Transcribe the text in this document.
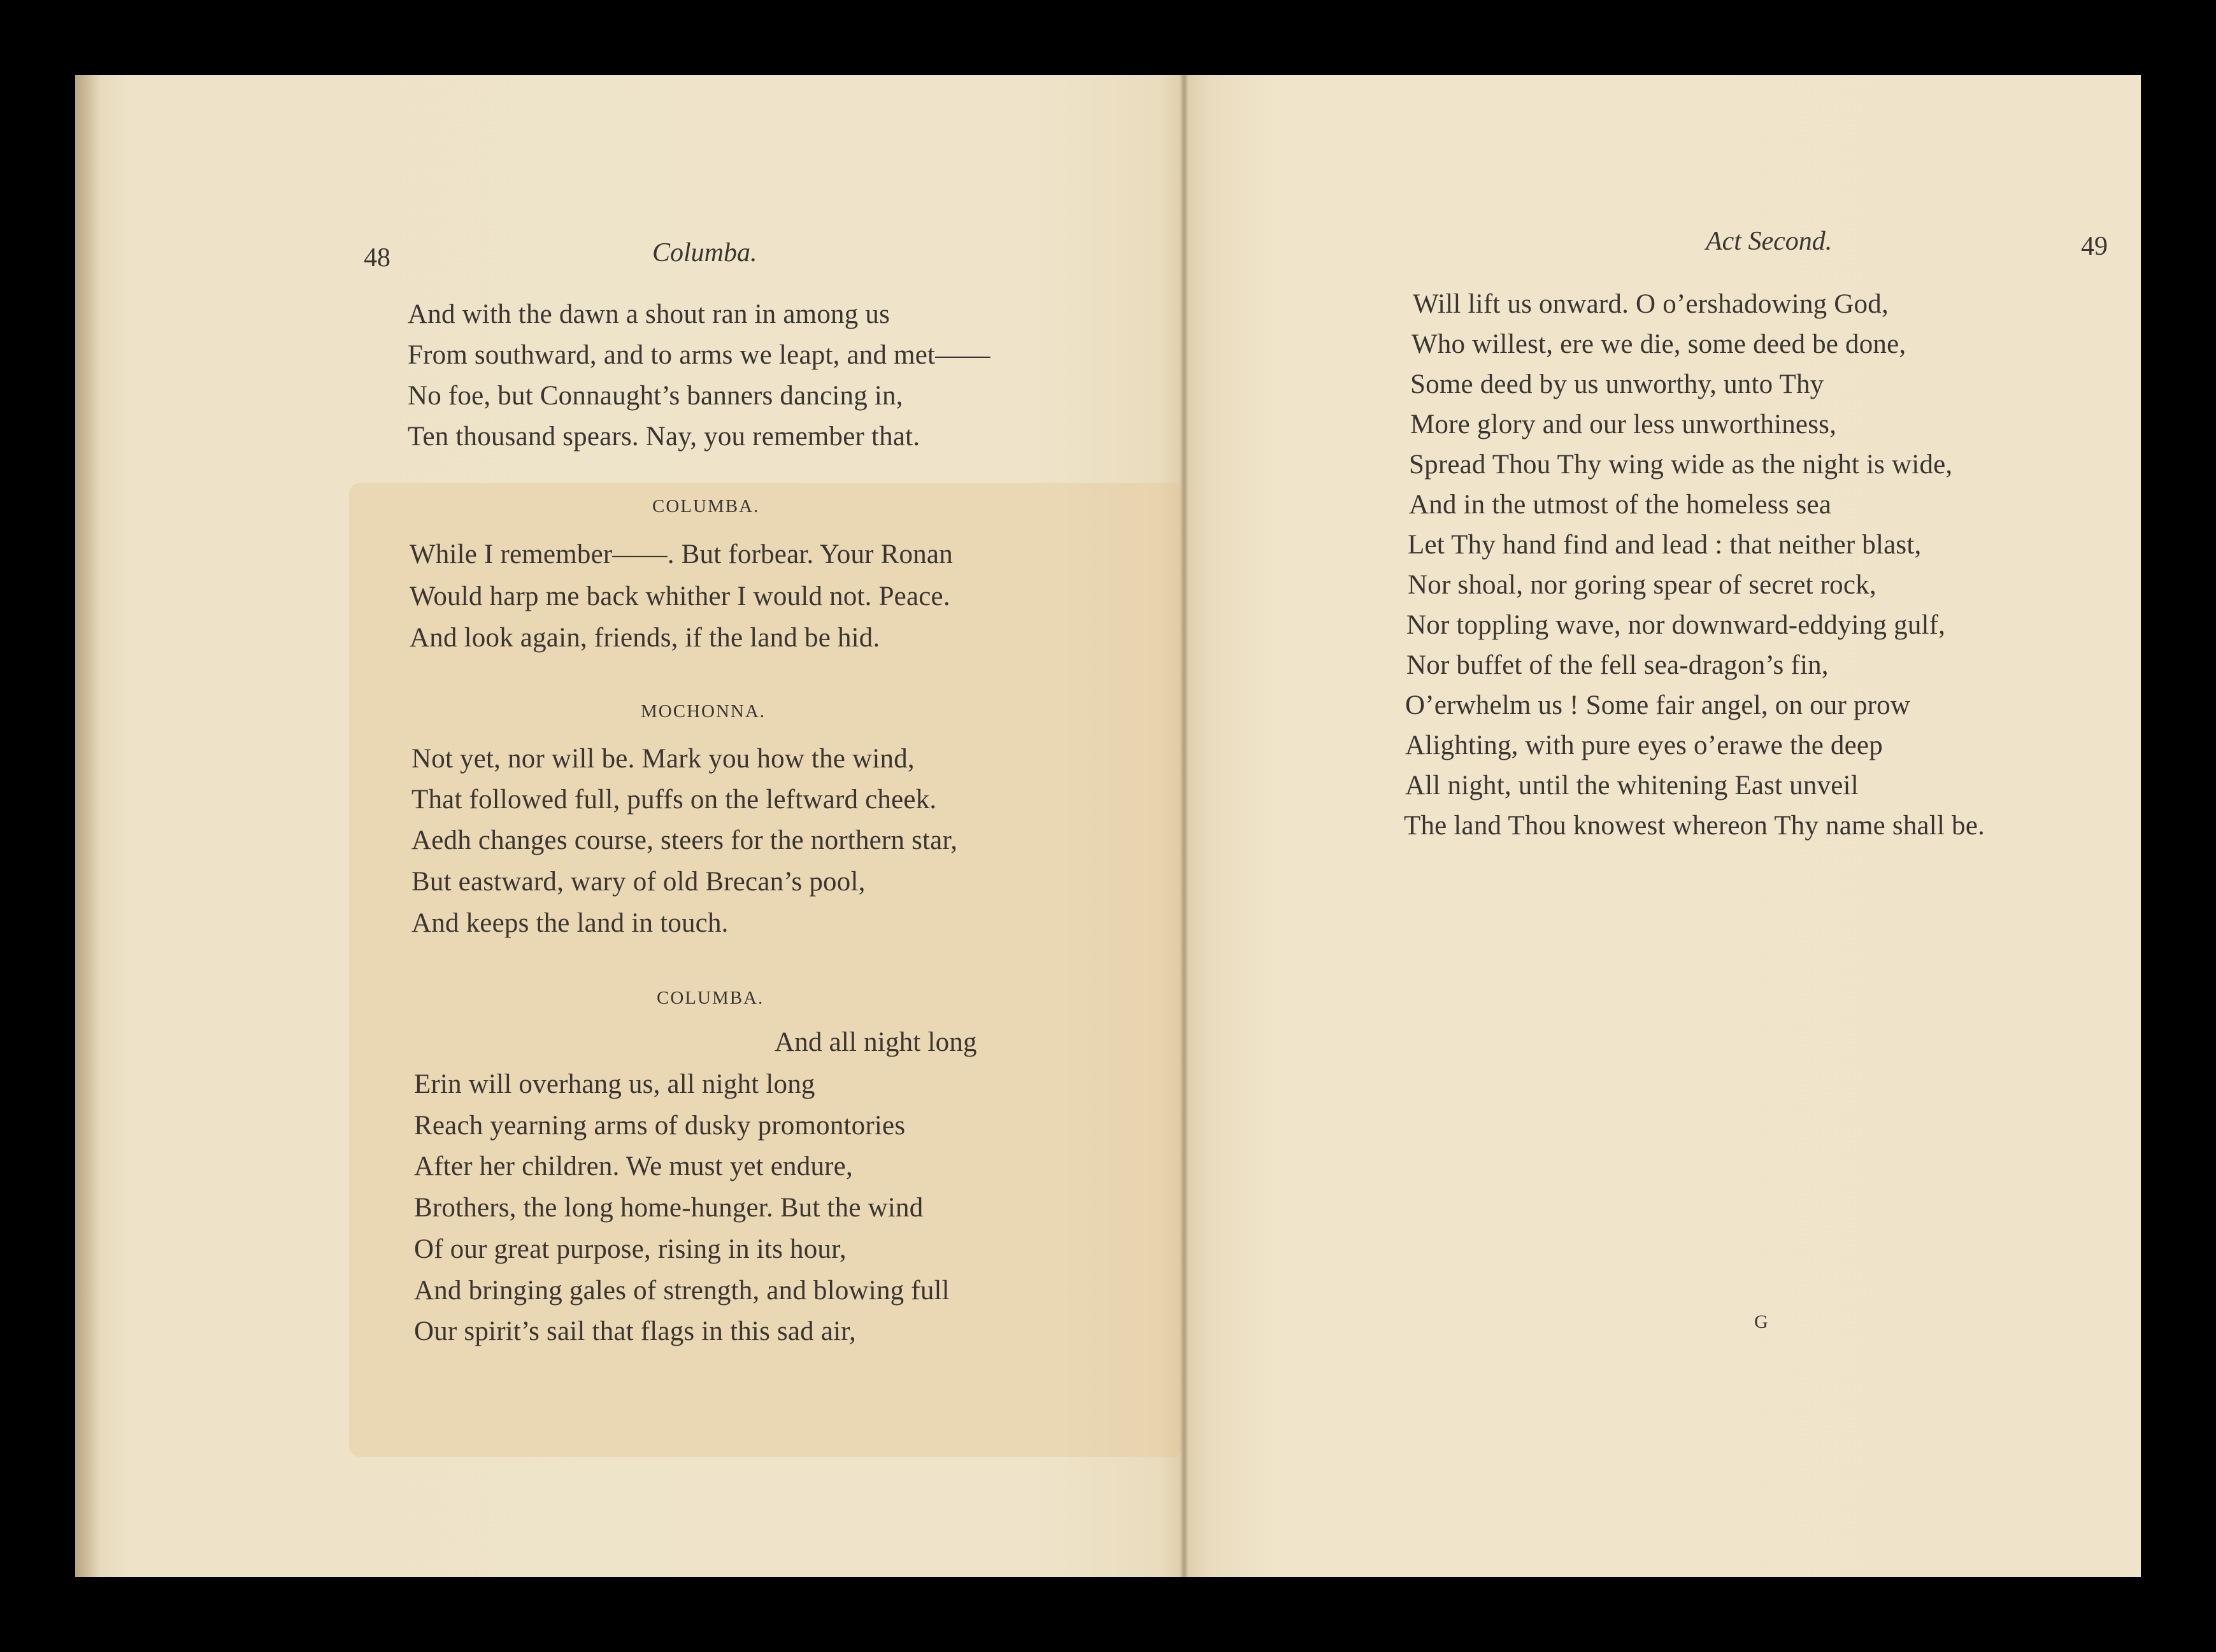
48	Columba.
And with the dawn a shout ran in among us
From southward, and to arms we leapt, and met——
No foe, but Connaught’s banners dancing in,
Ten thousand spears. Nay, you remember that.
COLUMBA.
While I remember——. But forbear. Your Ronan
Would harp me back whither I would not. Peace.
And look again, friends, if the land be hid.
MOCHONNA.
Not yet, nor will be. Mark you how the wind,
That followed full, puffs on the leftward cheek.
Aedh changes course, steers for the northern star,
But eastward, wary of old Brecan’s pool,
And keeps the land in touch.
COLUMBA.
And all night long
Erin will overhang us, all night long
Reach yearning arms of dusky promontories
After her children. We must yet endure,
Brothers, the long home-hunger. But the wind
Of our great purpose, rising in its hour,
And bringing gales of strength, and blowing full
Our spirit’s sail that flags in this sad air,
Act Second.	49
Will lift us onward. O o’ershadowing God,
Who willest, ere we die, some deed be done,
Some deed by us unworthy, unto Thy
More glory and our less unworthiness,
Spread Thou Thy wing wide as the night is wide,
And in the utmost of the homeless sea
Let Thy hand find and lead : that neither blast,
Nor shoal, nor goring spear of secret rock,
Nor toppling wave, nor downward-eddying gulf,
Nor buffet of the fell sea-dragon’s fin,
O’erwhelm us ! Some fair angel, on our prow
Alighting, with pure eyes o’erawe the deep
All night, until the whitening East unveil
The land Thou knowest whereon Thy name shall be.
G
